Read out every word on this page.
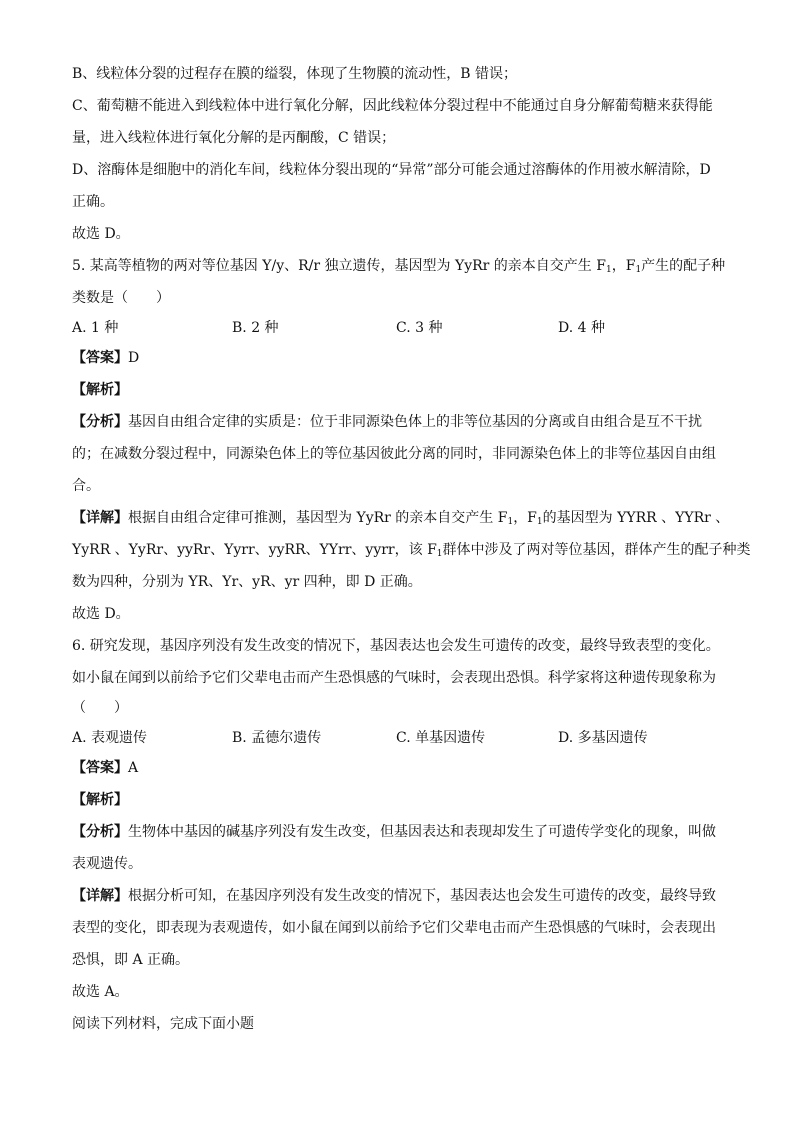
B、线粒体分裂的过程存在膜的缢裂，体现了生物膜的流动性，B 错误；
C、葡萄糖不能进入到线粒体中进行氧化分解，因此线粒体分裂过程中不能通过自身分解葡萄糖来获得能
量，进入线粒体进行氧化分解的是丙酮酸，C 错误；
D、溶酶体是细胞中的消化车间，线粒体分裂出现的“异常”部分可能会通过溶酶体的作用被水解清除，D
正确。
故选 D。
5. 某高等植物的两对等位基因 Y/y、R/r 独立遗传，基因型为 YyRr 的亲本自交产生 $F_1$，$F_1$产生的配子种
类数是（　　）
A. 1 种	B. 2 种	C. 3 种	D. 4 种
【答案】D
【解析】
【分析】基因自由组合定律的实质是：位于非同源染色体上的非等位基因的分离或自由组合是互不干扰
的；在减数分裂过程中，同源染色体上的等位基因彼此分离的同时，非同源染色体上的非等位基因自由组
合。
【详解】根据自由组合定律可推测，基因型为 YyRr 的亲本自交产生 $F_1$，$F_1$的基因型为 YYRR 、YYRr 、
YyRR 、YyRr、yyRr、Yyrr、yyRR、YYrr、yyrr，该 $F_1$群体中涉及了两对等位基因，群体产生的配子种类
数为四种，分别为 YR、Yr、yR、yr 四种，即 D 正确。
故选 D。
6. 研究发现，基因序列没有发生改变的情况下，基因表达也会发生可遗传的改变，最终导致表型的变化。
如小鼠在闻到以前给予它们父辈电击而产生恐惧感的气味时，会表现出恐惧。科学家将这种遗传现象称为
（　　）
A. 表观遗传	B. 孟德尔遗传	C. 单基因遗传	D. 多基因遗传
【答案】A
【解析】
【分析】生物体中基因的碱基序列没有发生改变，但基因表达和表现却发生了可遗传学变化的现象，叫做
表观遗传。
【详解】根据分析可知，在基因序列没有发生改变的情况下，基因表达也会发生可遗传的改变，最终导致
表型的变化，即表现为表观遗传，如小鼠在闻到以前给予它们父辈电击而产生恐惧感的气味时，会表现出
恐惧，即 A 正确。
故选 A。
阅读下列材料，完成下面小题
